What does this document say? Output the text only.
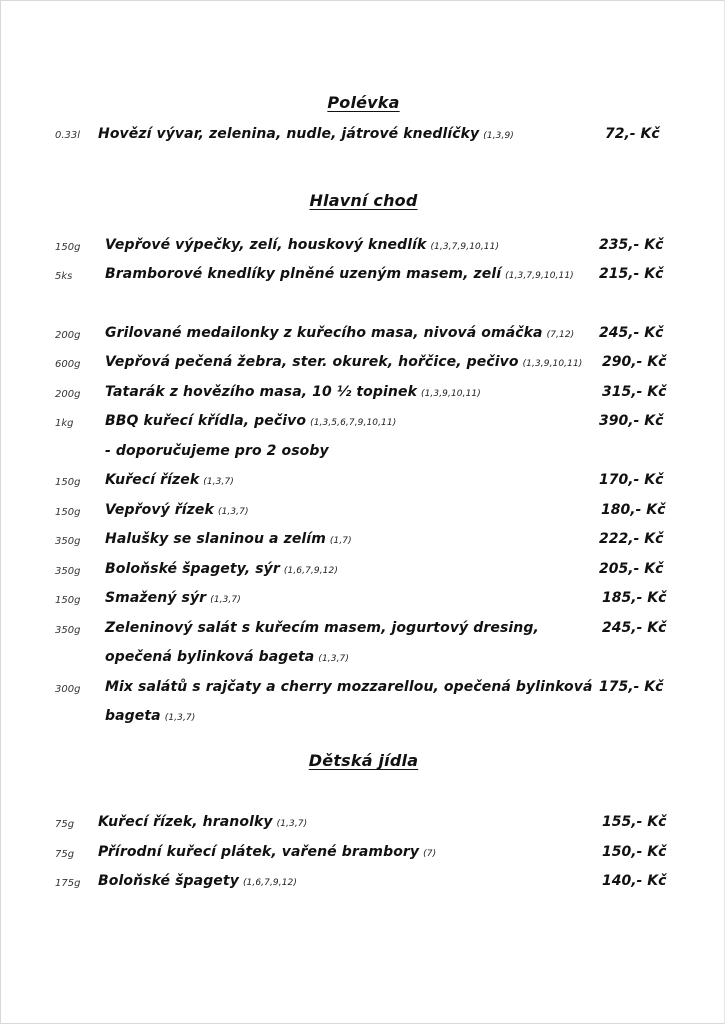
Polévka
0.33l Hovězí vývar, zelenina, nudle, játrové knedlíčky (1,3,9)	72,- Kč
Hlavní chod
150g Vepřové výpečky, zelí, houskový knedlík (1,3,7,9,10,11)	235,- Kč
5ks Bramborové knedlíky plněné uzeným masem, zelí (1,3,7,9,10,11) 215,- Kč
200g Grilované medailonky z kuřecího masa, nivová omáčka (7,12) 245,- Kč
600g Vepřová pečená žebra, ster. okurek, hořčice, pečivo (1,3,9,10,11) 290,- Kč
200g Tatarák z hovězího masa, 10 ½ topinek (1,3,9,10,11)	315,- Kč
1kg BBQ kuřecí křídla, pečivo (1,3,5,6,7,9,10,11)	390,- Kč
- doporučujeme pro 2 osoby
150g Kuřecí řízek (1,3,7)	170,- Kč
150g Vepřový řízek (1,3,7)	180,- Kč
350g Halušky se slaninou a zelím (1,7)	222,- Kč
350g Boloňské špagety, sýr (1,6,7,9,12)	205,- Kč
150g Smažený sýr (1,3,7)	185,- Kč
350g Zeleninový salát s kuřecím masem, jogurtový dresing,	245,- Kč
opečená bylinková bageta (1,3,7)
300g Mix salátů s rajčaty a cherry mozzarellou, opečená bylinková 175,- Kč
bageta (1,3,7)
Dětská jídla
75g Kuřecí řízek, hranolky (1,3,7)	155,- Kč
75g Přírodní kuřecí plátek, vařené brambory (7)	150,- Kč
175g Boloňské špagety (1,6,7,9,12)	140,- Kč
